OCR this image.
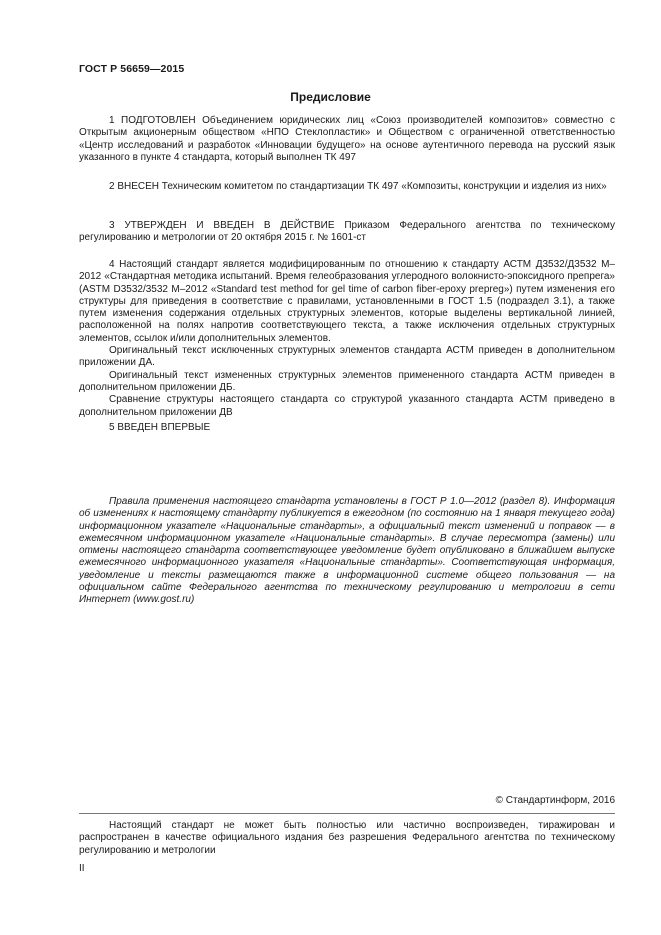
ГОСТ Р 56659—2015
Предисловие

1 ПОДГОТОВЛЕН Объединением юридических лиц «Союз производителей композитов» совместно с Открытым акционерным обществом «НПО Стеклопластик» и Обществом с ограниченной ответственностью «Центр исследований и разработок «Инновации будущего» на основе аутентичного перевода на русский язык указанного в пункте 4 стандарта, который выполнен ТК 497

2 ВНЕСЕН Техническим комитетом по стандартизации ТК 497 «Композиты, конструкции и изделия из них»

3 УТВЕРЖДЕН И ВВЕДЕН В ДЕЙСТВИЕ Приказом Федерального агентства по техническому регулированию и метрологии от 20 октября 2015 г. № 1601-ст

4 Настоящий стандарт является модифицированным по отношению к стандарту АСТМ Д3532/Д3532 М–2012 «Стандартная методика испытаний. Время гелеобразования углеродного волокнисто-эпоксидного препрега» (ASTM D3532/3532 M–2012 «Standard test method for gel time of carbon fiber-epoxy prepreg») путем изменения его структуры для приведения в соответствие с правилами, установленными в ГОСТ 1.5 (подраздел 3.1), а также путем изменения содержания отдельных структурных элементов, которые выделены вертикальной линией, расположенной на полях напротив соответствующего текста, а также исключения отдельных структурных элементов, ссылок и/или дополнительных элементов.

Оригинальный текст исключенных структурных элементов стандарта АСТМ приведен в дополнительном приложении ДА.

Оригинальный текст измененных структурных элементов примененного стандарта АСТМ приведен в дополнительном приложении ДБ.

Сравнение структуры настоящего стандарта со структурой указанного стандарта АСТМ приведено в дополнительном приложении ДВ

5 ВВЕДЕН ВПЕРВЫЕ

Правила применения настоящего стандарта установлены в ГОСТ Р 1.0—2012 (раздел 8). Информация об изменениях к настоящему стандарту публикуется в ежегодном (по состоянию на 1 января текущего года) информационном указателе «Национальные стандарты», а официальный текст изменений и поправок — в ежемесячном информационном указателе «Национальные стандарты». В случае пересмотра (замены) или отмены настоящего стандарта соответствующее уведомление будет опубликовано в ближайшем выпуске ежемесячного информационного указателя «Национальные стандарты». Соответствующая информация, уведомление и тексты размещаются также в информационной системе общего пользования — на официальном сайте Федерального агентства по техническому регулированию и метрологии в сети Интернет (www.gost.ru)

© Стандартинформ, 2016

Настоящий стандарт не может быть полностью или частично воспроизведен, тиражирован и распространен в качестве официального издания без разрешения Федерального агентства по техническому регулированию и метрологии

II
